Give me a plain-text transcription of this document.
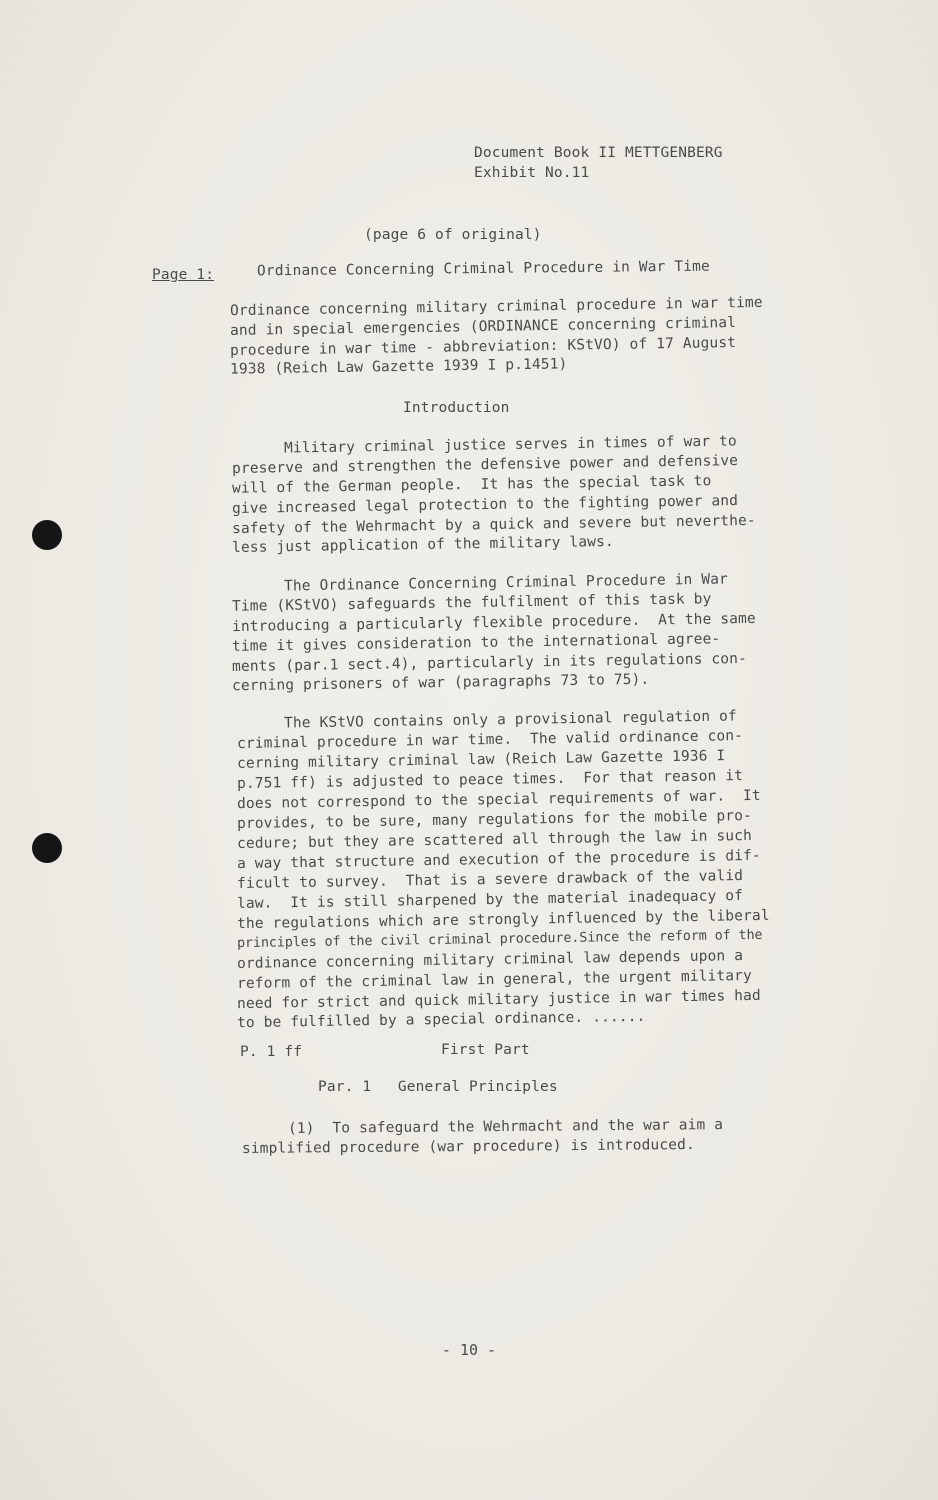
Document Book II METTGENBERG
Exhibit No.11
(page 6 of original)
Page 1:	Ordinance Concerning Criminal Procedure in War Time
Ordinance concerning military criminal procedure in war time
and in special emergencies (ORDINANCE concerning criminal
procedure in war time - abbreviation: KStVO) of 17 August
1938 (Reich Law Gazette 1939 I p.1451)
Introduction
Military criminal justice serves in times of war to
preserve and strengthen the defensive power and defensive
will of the German people.  It has the special task to
give increased legal protection to the fighting power and
safety of the Wehrmacht by a quick and severe but neverthe-
less just application of the military laws.
The Ordinance Concerning Criminal Procedure in War
Time (KStVO) safeguards the fulfilment of this task by
introducing a particularly flexible procedure.  At the same
time it gives consideration to the international agree-
ments (par.1 sect.4), particularly in its regulations con-
cerning prisoners of war (paragraphs 73 to 75).
The KStVO contains only a provisional regulation of
criminal procedure in war time.  The valid ordinance con-
cerning military criminal law (Reich Law Gazette 1936 I
p.751 ff) is adjusted to peace times.  For that reason it
does not correspond to the special requirements of war.  It
provides, to be sure, many regulations for the mobile pro-
cedure; but they are scattered all through the law in such
a way that structure and execution of the procedure is dif-
ficult to survey.  That is a severe drawback of the valid
law.  It is still sharpened by the material inadequacy of
the regulations which are strongly influenced by the liberal
principles of the civil criminal procedure.Since the reform of the
ordinance concerning military criminal law depends upon a
reform of the criminal law in general, the urgent military
need for strict and quick military justice in war times had
to be fulfilled by a special ordinance. ......
P. 1 ff	First Part
Par. 1   General Principles
(1)  To safeguard the Wehrmacht and the war aim a
simplified procedure (war procedure) is introduced.
- 10 -
